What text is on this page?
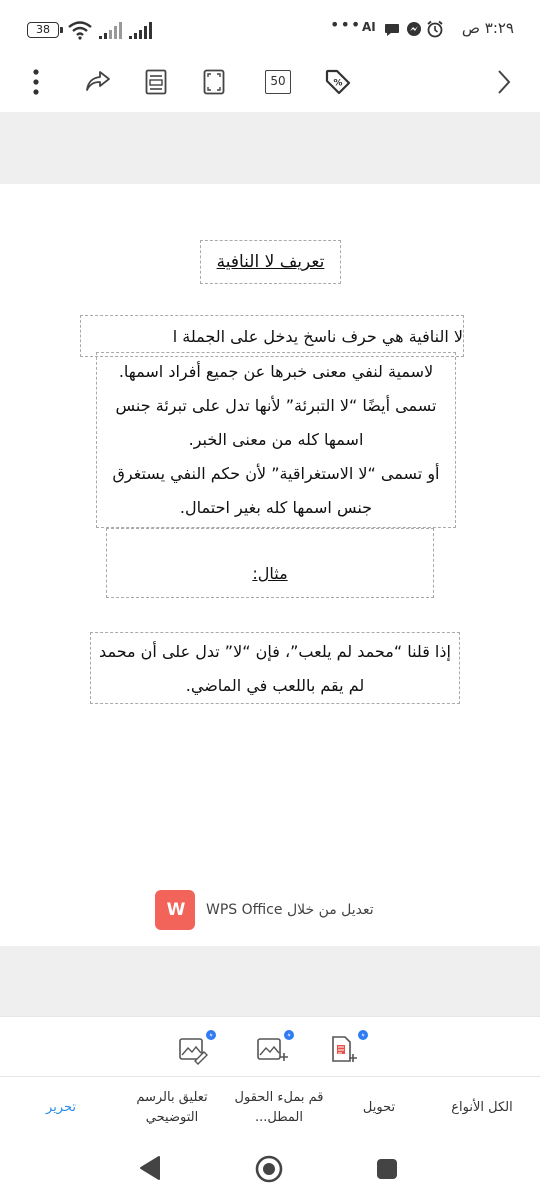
38	••• AI	٣:٢٩ ص
50	%
تعريف لا النافية
لا النافية هي حرف ناسخ يدخل على الجملة ا
لاسمية لنفي معنى خبرها عن جميع أفراد اسمها.
تسمى أيضًا “لا التبرئة” لأنها تدل على تبرئة جنس اسمها كله من معنى الخبر.
أو تسمى “لا الاستغراقية” لأن حكم النفي يستغرق جنس اسمها كله بغير احتمال.
مثال:
إذا قلنا “محمد لم يلعب”، فإن “لا” تدل على أن محمد لم يقم باللعب في الماضي.
W تعديل من خلال WPS Office
الكل الأنواع
تحويل
قم بملء الحقول المطل...
تعليق بالرسم التوضيحي
تحرير
